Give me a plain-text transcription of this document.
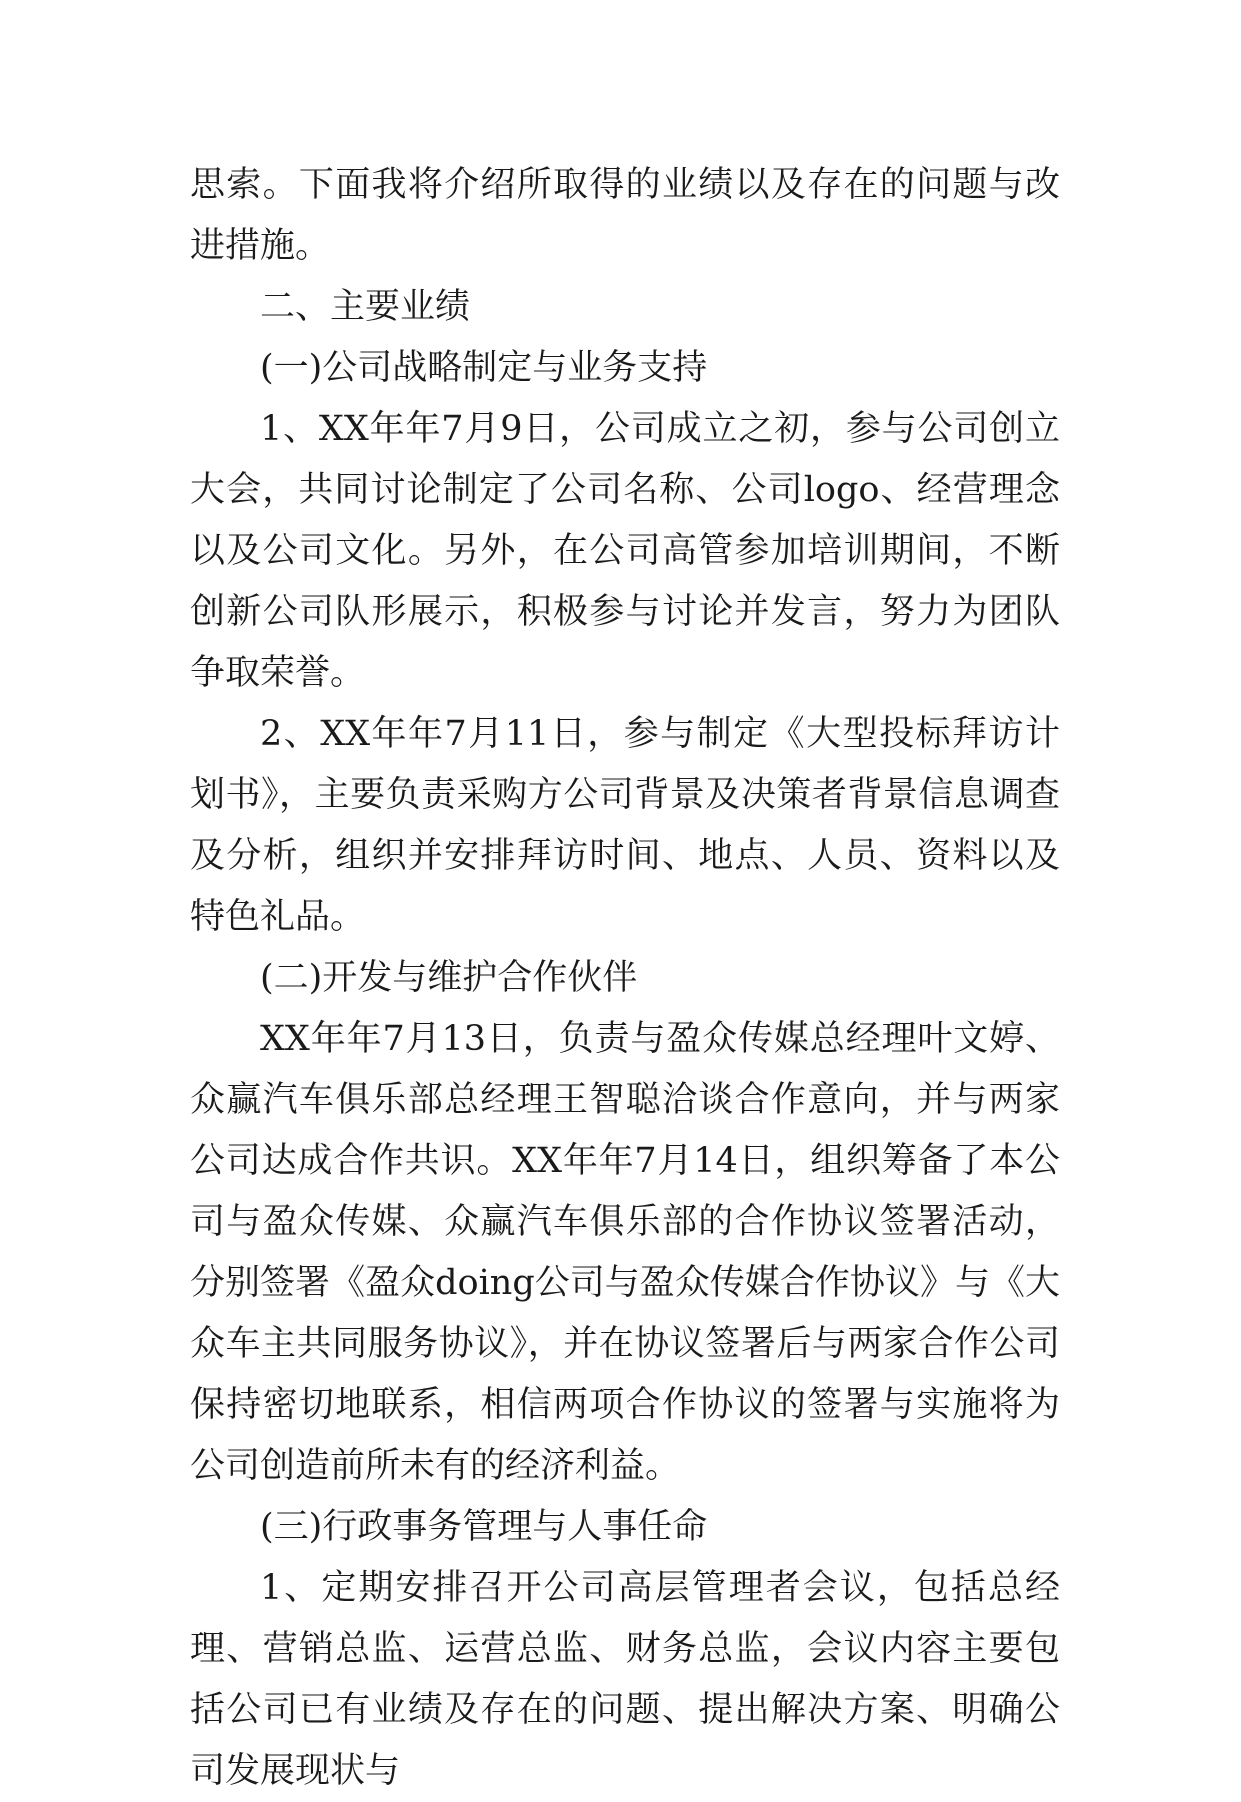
思索。下面我将介绍所取得的业绩以及存在的问题与改进措施。

二、主要业绩

(一)公司战略制定与业务支持

1、XX年年7月9日，公司成立之初，参与公司创立大会，共同讨论制定了公司名称、公司logo、经营理念以及公司文化。另外，在公司高管参加培训期间，不断创新公司队形展示，积极参与讨论并发言，努力为团队争取荣誉。

2、XX年年7月11日，参与制定《大型投标拜访计划书》，主要负责采购方公司背景及决策者背景信息调查及分析，组织并安排拜访时间、地点、人员、资料以及特色礼品。

(二)开发与维护合作伙伴

XX年年7月13日，负责与盈众传媒总经理叶文婷、众赢汽车俱乐部总经理王智聪洽谈合作意向，并与两家公司达成合作共识。XX年年7月14日，组织筹备了本公司与盈众传媒、众赢汽车俱乐部的合作协议签署活动，分别签署《盈众doing公司与盈众传媒合作协议》与《大众车主共同服务协议》，并在协议签署后与两家合作公司保持密切地联系，相信两项合作协议的签署与实施将为公司创造前所未有的经济利益。

(三)行政事务管理与人事任命

1、定期安排召开公司高层管理者会议，包括总经理、营销总监、运营总监、财务总监，会议内容主要包括公司已有业绩及存在的问题、提出解决方案、明确公司发展现状与
